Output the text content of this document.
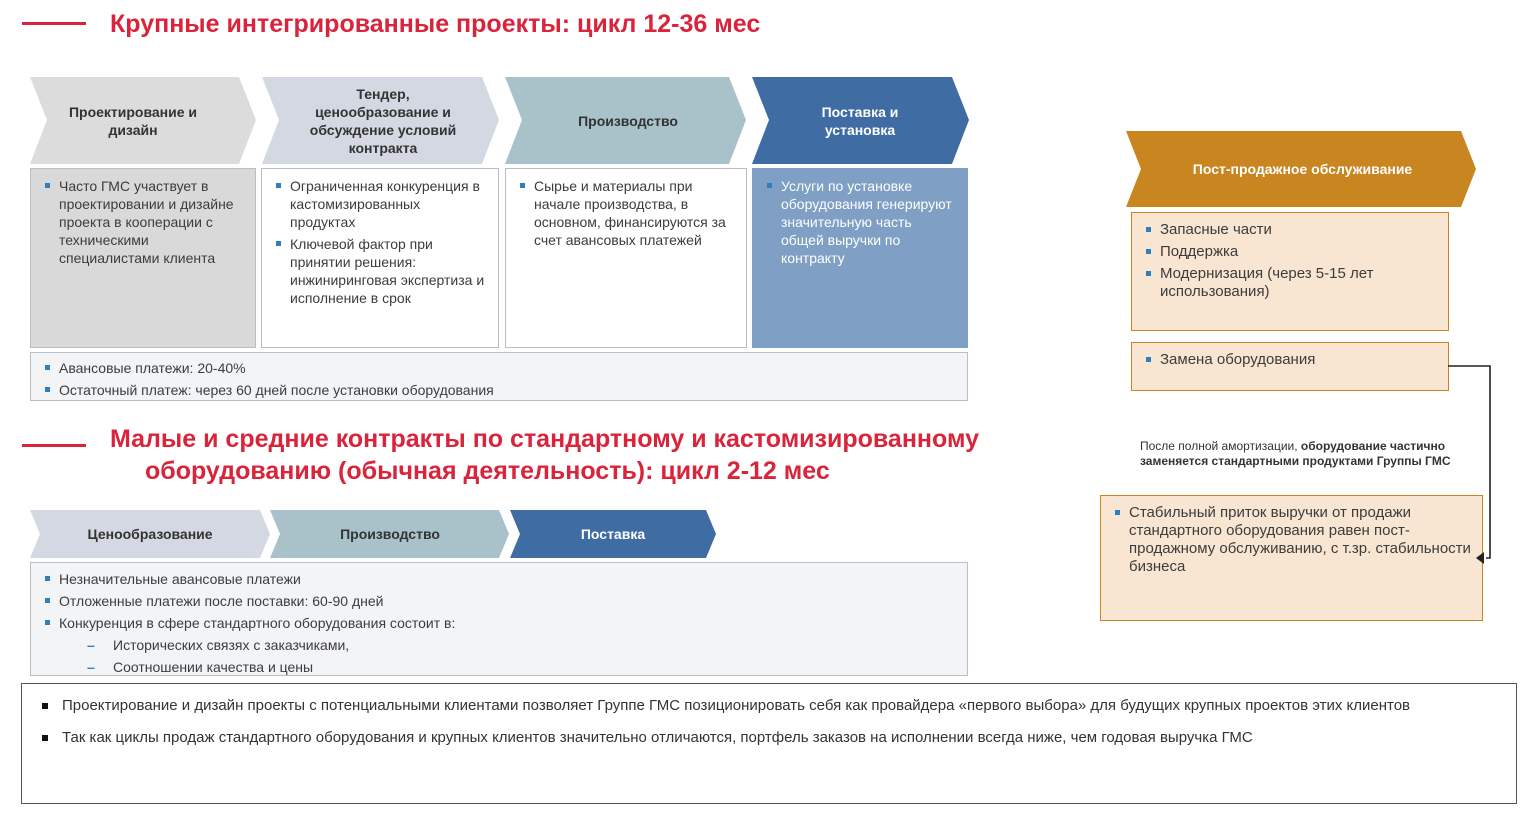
Крупные интегрированные проекты: цикл 12-36 мес
Проектирование и дизайн
Тендер, ценообразование и обсуждение условий контракта
Производство
Поставка и установка
Часто ГМС участвует в проектировании и дизайне проекта в кооперации с техническими специалистами клиента
Ограниченная конкуренция в кастомизированных продуктах
Ключевой фактор при принятии решения: инжиниринговая экспертиза и исполнение в срок
Сырье и материалы при начале производства, в основном, финансируются за счет авансовых платежей
Услуги по установке оборудования генерируют значительную часть общей выручки по контракту
Авансовые платежи: 20-40%
Остаточный платеж: через 60 дней после установки оборудования
Малые и средние контракты по стандартному и кастомизированному
оборудованию (обычная деятельность): цикл 2-12 мес
Ценообразование	Производство	Поставка
Незначительные авансовые платежи
Отложенные платежи после поставки: 60-90 дней
Конкуренция в сфере стандартного оборудования состоит в:
– Исторических связях с заказчиками,
– Соотношении качества и цены
Пост-продажное обслуживание
Запасные части
Поддержка
Модернизация (через 5-15 лет использования)
Замена оборудования
После полной амортизации, оборудование частично заменяется стандартными продуктами Группы ГМС
Стабильный приток выручки от продажи стандартного оборудования равен пост-продажному обслуживанию, с т.зр. стабильности бизнеса
Проектирование и дизайн проекты с потенциальными клиентами позволяет Группе ГМС позиционировать себя как провайдера «первого выбора» для будущих крупных проектов этих клиентов
Так как циклы продаж стандартного оборудования и крупных клиентов значительно отличаются, портфель заказов на исполнении всегда ниже, чем годовая выручка ГМС
